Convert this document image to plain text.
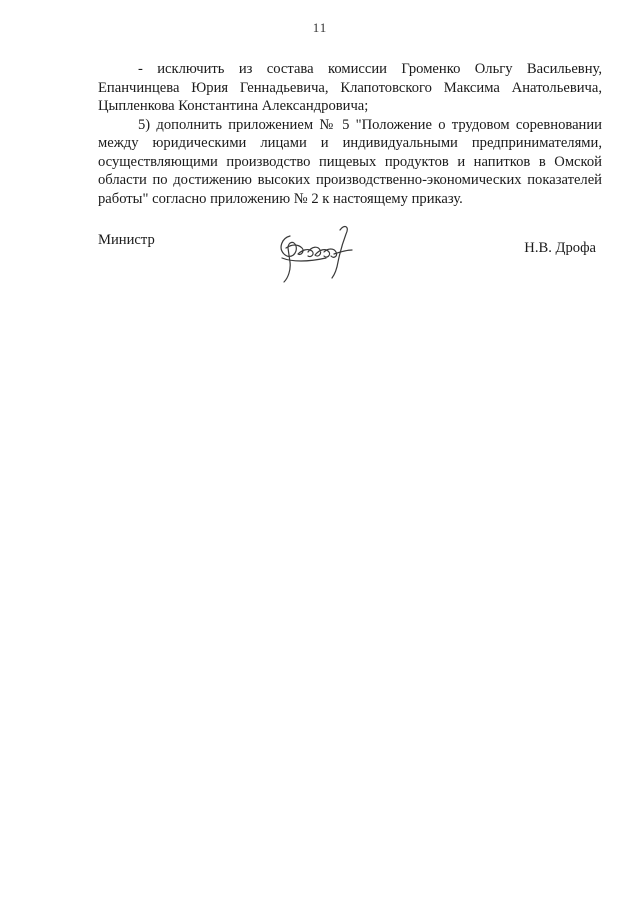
11

- исключить из состава комиссии Громенко Ольгу Васильевну, Епанчинцева Юрия Геннадьевича, Клапотовского Максима Анатольевича, Цыпленкова Константина Александровича;

5) дополнить приложением № 5 "Положение о трудовом соревновании между юридическими лицами и индивидуальными предпринимателями, осуществляющими производство пищевых продуктов и напитков в Омской области по достижению высоких производственно-экономических показателей работы" согласно приложению № 2 к настоящему приказу.

Министр	Н.В. Дрофа
